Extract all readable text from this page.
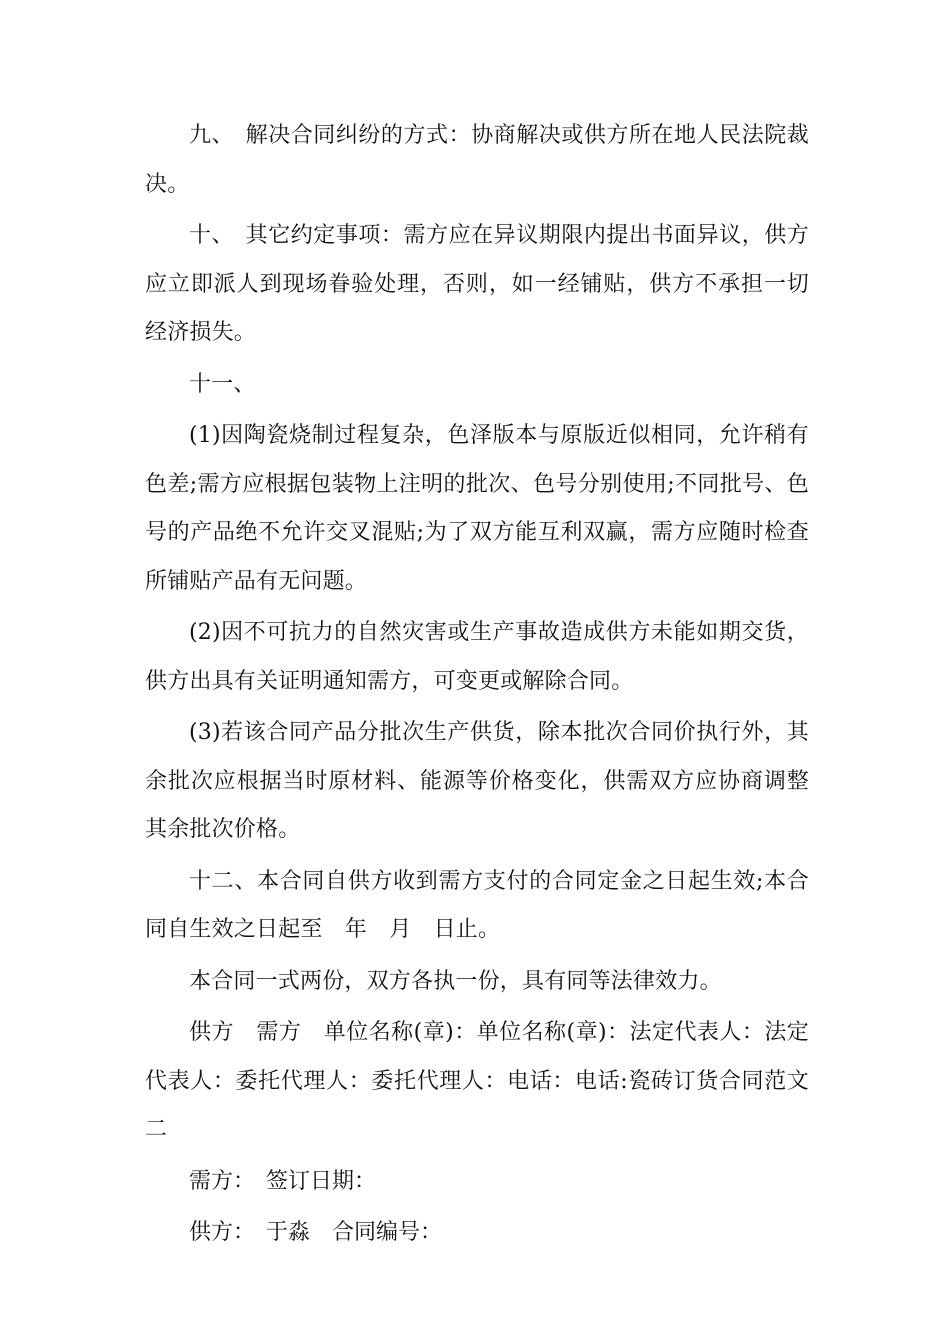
九、　解决合同纠纷的方式：协商解决或供方所在地人民法院裁决。

十、　其它约定事项：需方应在异议期限内提出书面异议，供方应立即派人到现场眷验处理，否则，如一经铺贴，供方不承担一切经济损失。

十一、

(1)因陶瓷烧制过程复杂，色泽版本与原版近似相同，允许稍有色差;需方应根据包装物上注明的批次、色号分别使用;不同批号、色号的产品绝不允许交叉混贴;为了双方能互利双赢，需方应随时检查所铺贴产品有无问题。

(2)因不可抗力的自然灾害或生产事故造成供方未能如期交货，供方出具有关证明通知需方，可变更或解除合同。

(3)若该合同产品分批次生产供货，除本批次合同价执行外，其余批次应根据当时原材料、能源等价格变化，供需双方应协商调整其余批次价格。

十二、本合同自供方收到需方支付的合同定金之日起生效;本合同自生效之日起至　年　月　日止。

本合同一式两份，双方各执一份，具有同等法律效力。

供方　需方　单位名称(章)：单位名称(章)：法定代表人：法定代表人：委托代理人：委托代理人：电话：电话:瓷砖订货合同范文二

需方：　签订日期：

供方：　于淼　合同编号：
